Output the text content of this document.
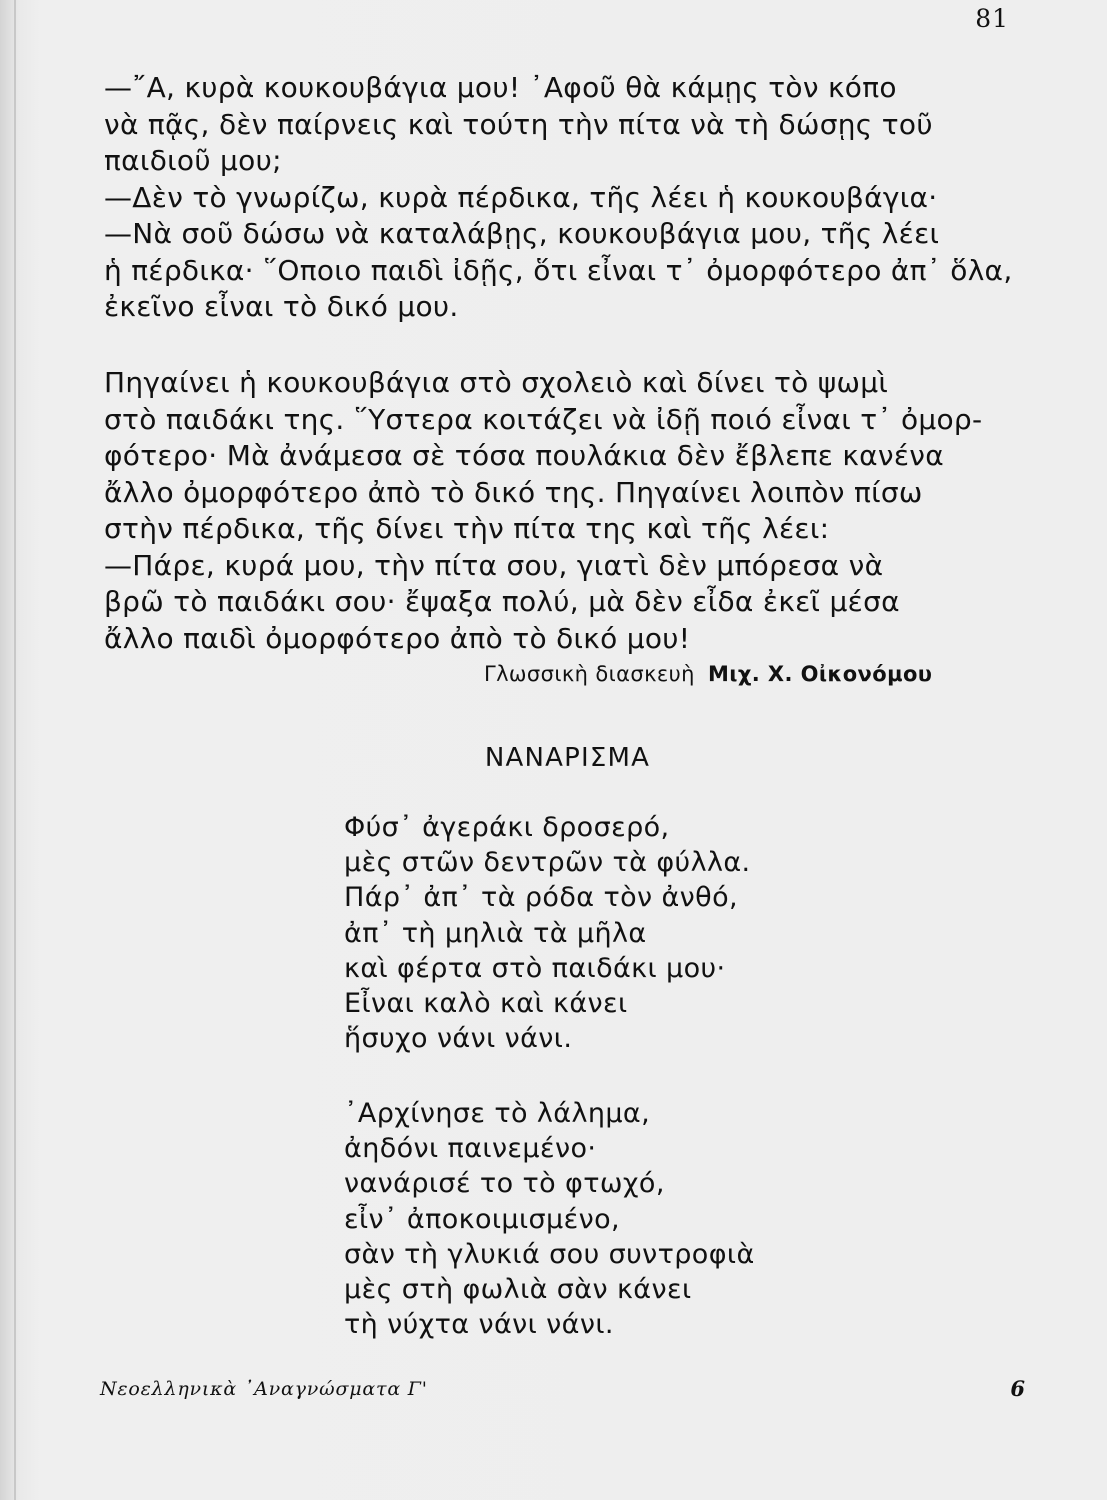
81
—῎Α, κυρὰ κουκουβάγια μου! ᾿Αφοῦ θὰ κάμῃς τὸν κόπο
νὰ πᾷς, δὲν παίρνεις καὶ τούτη τὴν πίτα νὰ τὴ δώσῃς τοῦ
παιδιοῦ μου;
—Δὲν τὸ γνωρίζω, κυρὰ πέρδικα, τῆς λέει ἡ κουκουβάγια·
—Νὰ σοῦ δώσω νὰ καταλάβῃς, κουκουβάγια μου, τῆς λέει
ἡ πέρδικα· ῞Οποιο παιδὶ ἰδῇς, ὅτι εἶναι τ᾿ ὀμορφότερο ἀπ᾿ ὅλα,
ἐκεῖνο εἶναι τὸ δικό μου.
Πηγαίνει ἡ κουκουβάγια στὸ σχολειὸ καὶ δίνει τὸ ψωμὶ
στὸ παιδάκι της. ῞Υστερα κοιτάζει νὰ ἰδῇ ποιό εἶναι τ᾿ ὀμορ-
φότερο· Μὰ ἀνάμεσα σὲ τόσα πουλάκια δὲν ἔβλεπε κανένα
ἄλλο ὀμορφότερο ἀπὸ τὸ δικό της. Πηγαίνει λοιπὸν πίσω
στὴν πέρδικα, τῆς δίνει τὴν πίτα της καὶ τῆς λέει:
—Πάρε, κυρά μου, τὴν πίτα σου, γιατὶ δὲν μπόρεσα νὰ
βρῶ τὸ παιδάκι σου· ἔψαξα πολύ, μὰ δὲν εἶδα ἐκεῖ μέσα
ἄλλο παιδὶ ὀμορφότερο ἀπὸ τὸ δικό μου!
Γλωσσικὴ διασκευὴ Μιχ. Χ. Οἰκονόμου
ΝΑΝΑΡΙΣΜΑ
Φύσ᾿ ἀγεράκι δροσερό,
μὲς στῶν δεντρῶν τὰ φύλλα.
Πάρ᾿ ἀπ᾿ τὰ ρόδα τὸν ἀνθό,
ἀπ᾿ τὴ μηλιὰ τὰ μῆλα
καὶ φέρτα στὸ παιδάκι μου·
Εἶναι καλὸ καὶ κάνει
ἥσυχο νάνι νάνι.
᾿Αρχίνησε τὸ λάλημα,
ἀηδόνι παινεμένο·
νανάρισέ το τὸ φτωχό,
εἶν᾿ ἀποκοιμισμένο,
σὰν τὴ γλυκιά σου συντροφιὰ
μὲς στὴ φωλιὰ σὰν κάνει
τὴ νύχτα νάνι νάνι.
Νεοελληνικὰ ᾿Αναγνώσματα Γ'	6
